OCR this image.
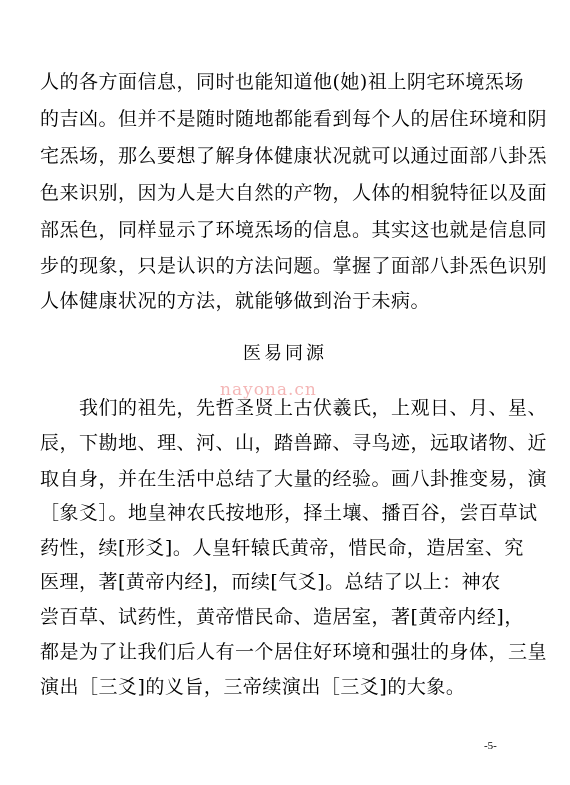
人的各方面信息，同时也能知道他(她)祖上阴宅环境炁场
的吉凶。但并不是随时随地都能看到每个人的居住环境和阴
宅炁场，那么要想了解身体健康状况就可以通过面部八卦炁
色来识别，因为人是大自然的产物，人体的相貌特征以及面
部炁色，同样显示了环境炁场的信息。其实这也就是信息同
步的现象，只是认识的方法问题。掌握了面部八卦炁色识别
人体健康状况的方法，就能够做到治于未病。
医易同源
nayona.cn
　　我们的祖先，先哲圣贤上古伏羲氏，上观日、月、星、
辰，下勘地、理、河、山，踏兽蹄、寻鸟迹，远取诸物、近
取自身，并在生活中总结了大量的经验。画八卦推变易，演
［象爻］。地皇神农氏按地形，择土壤、播百谷，尝百草试
药性，续[形爻]。人皇轩辕氏黄帝，惜民命，造居室、究
医理，著[黄帝内经]，而续[气爻]。总结了以上：神农
尝百草、试药性，黄帝惜民命、造居室，著[黄帝内经]，
都是为了让我们后人有一个居住好环境和强壮的身体，三皇
演出［三爻]的义旨，三帝续演出［三爻]的大象。
-5-
